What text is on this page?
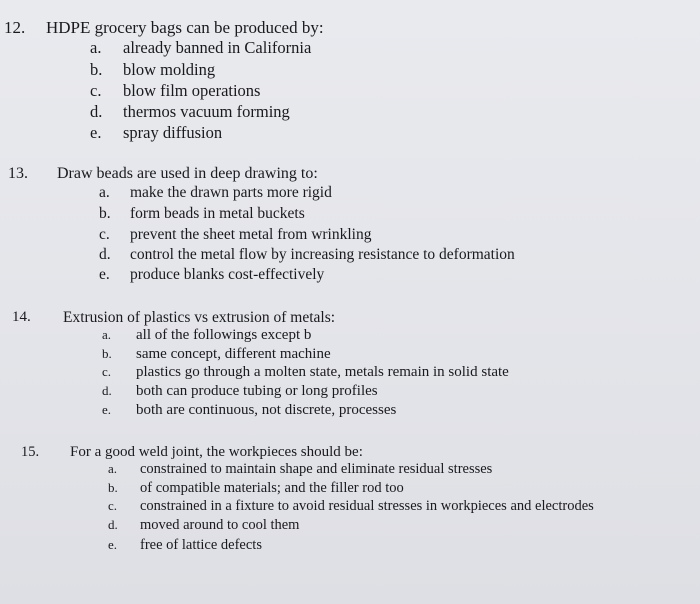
12. HDPE grocery bags can be produced by:
a.	already banned in California
b.	blow molding
c.	blow film operations
d.	thermos vacuum forming
e.	spray diffusion
13. Draw beads are used in deep drawing to:
a.	make the drawn parts more rigid
b.	form beads in metal buckets
c.	prevent the sheet metal from wrinkling
d.	control the metal flow by increasing resistance to deformation
e.	produce blanks cost-effectively
14. Extrusion of plastics vs extrusion of metals:
a.	all of the followings except b
b.	same concept, different machine
c.	plastics go through a molten state, metals remain in solid state
d.	both can produce tubing or long profiles
e.	both are continuous, not discrete, processes
15. For a good weld joint, the workpieces should be:
a.	constrained to maintain shape and eliminate residual stresses
b.	of compatible materials; and the filler rod too
c.	constrained in a fixture to avoid residual stresses in workpieces and electrodes
d.	moved around to cool them
e.	free of lattice defects
